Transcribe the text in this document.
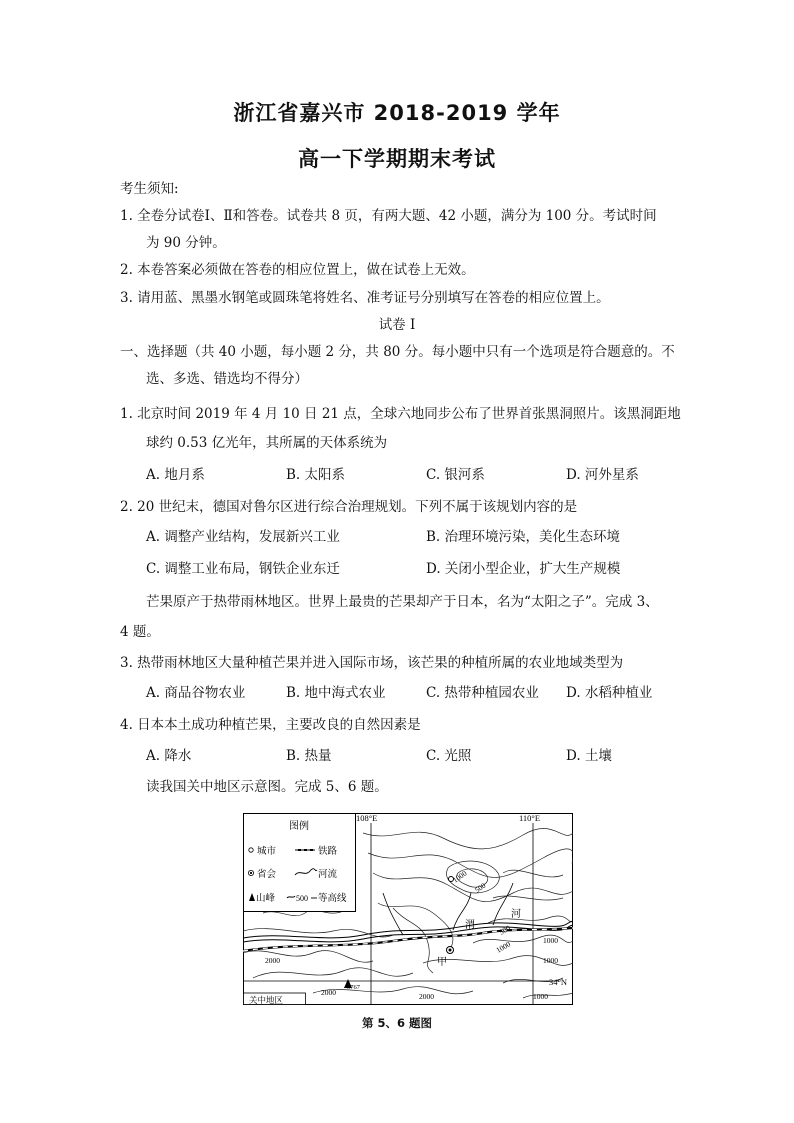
浙江省嘉兴市 2018-2019 学年
高一下学期期末考试
考生须知:
1. 全卷分试卷Ⅰ、Ⅱ和答卷。试卷共 8 页，有两大题、42 小题，满分为 100 分。考试时间
为 90 分钟。
2. 本卷答案必须做在答卷的相应位置上，做在试卷上无效。
3. 请用蓝、黑墨水钢笔或圆珠笔将姓名、准考证号分别填写在答卷的相应位置上。
试卷 I
一、选择题（共 40 小题，每小题 2 分，共 80 分。每小题中只有一个选项是符合题意的。不
选、多选、错选均不得分）
1. 北京时间 2019 年 4 月 10 日 21 点，全球六地同步公布了世界首张黑洞照片。该黑洞距地
球约 0.53 亿光年，其所属的天体系统为
A. 地月系	B. 太阳系	C. 银河系	D. 河外星系
2. 20 世纪末，德国对鲁尔区进行综合治理规划。下列不属于该规划内容的是
A. 调整产业结构，发展新兴工业	B. 治理环境污染，美化生态环境
C. 调整工业布局，钢铁企业东迁	D. 关闭小型企业，扩大生产规模
芒果原产于热带雨林地区。世界上最贵的芒果却产于日本，名为“太阳之子”。完成 3、
4 题。
3. 热带雨林地区大量种植芒果并进入国际市场，该芒果的种植所属的农业地域类型为
A. 商品谷物农业	B. 地中海式农业	C. 热带种植园农业 D. 水稻种植业
4. 日本本土成功种植芒果，主要改良的自然因素是
A. 降水	B. 热量	C. 光照	D. 土壤
读我国关中地区示意图。完成 5、6 题。
图例
城市	铁路
省会	河流
山峰	500 等高线
108°E	110°E
34°N
关中地区
渭
河
甲
3767
1000
500
500
1000
2000
2000	2000
1000
1000
1000
第 5、6 题图
